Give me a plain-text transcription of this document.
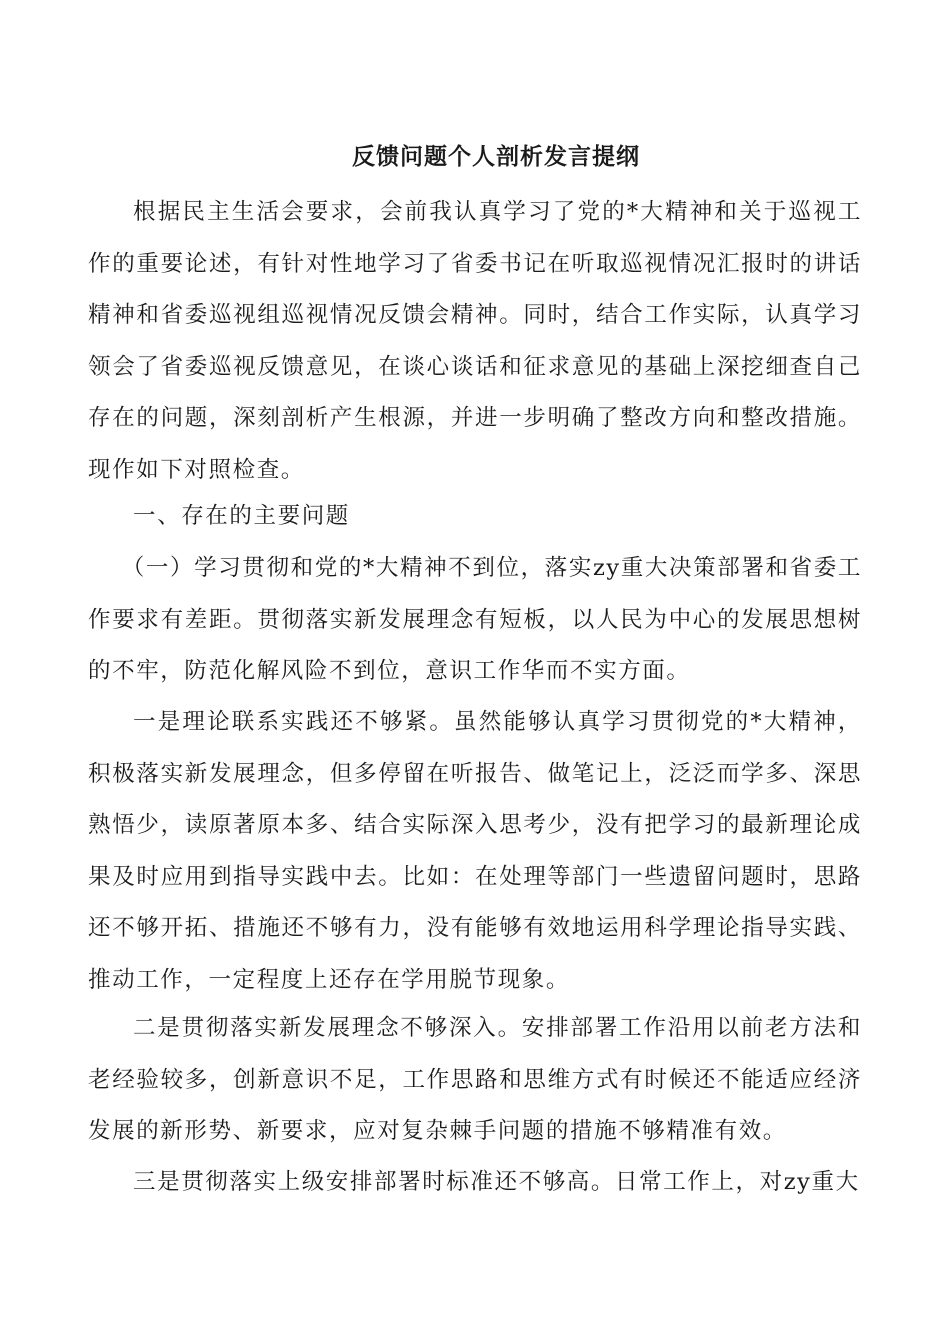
反馈问题个人剖析发言提纲

根据民主生活会要求，会前我认真学习了党的*大精神和关于巡视工作的重要论述，有针对性地学习了省委书记在听取巡视情况汇报时的讲话精神和省委巡视组巡视情况反馈会精神。同时，结合工作实际，认真学习领会了省委巡视反馈意见，在谈心谈话和征求意见的基础上深挖细查自己存在的问题，深刻剖析产生根源，并进一步明确了整改方向和整改措施。现作如下对照检查。

一、存在的主要问题

（一）学习贯彻和党的*大精神不到位，落实zy重大决策部署和省委工作要求有差距。贯彻落实新发展理念有短板，以人民为中心的发展思想树的不牢，防范化解风险不到位，意识工作华而不实方面。

一是理论联系实践还不够紧。虽然能够认真学习贯彻党的*大精神，积极落实新发展理念，但多停留在听报告、做笔记上，泛泛而学多、深思熟悟少，读原著原本多、结合实际深入思考少，没有把学习的最新理论成果及时应用到指导实践中去。比如：在处理等部门一些遗留问题时，思路还不够开拓、措施还不够有力，没有能够有效地运用科学理论指导实践、推动工作，一定程度上还存在学用脱节现象。

二是贯彻落实新发展理念不够深入。安排部署工作沿用以前老方法和老经验较多，创新意识不足，工作思路和思维方式有时候还不能适应经济发展的新形势、新要求，应对复杂棘手问题的措施不够精准有效。

三是贯彻落实上级安排部署时标准还不够高。日常工作上，对zy重大
